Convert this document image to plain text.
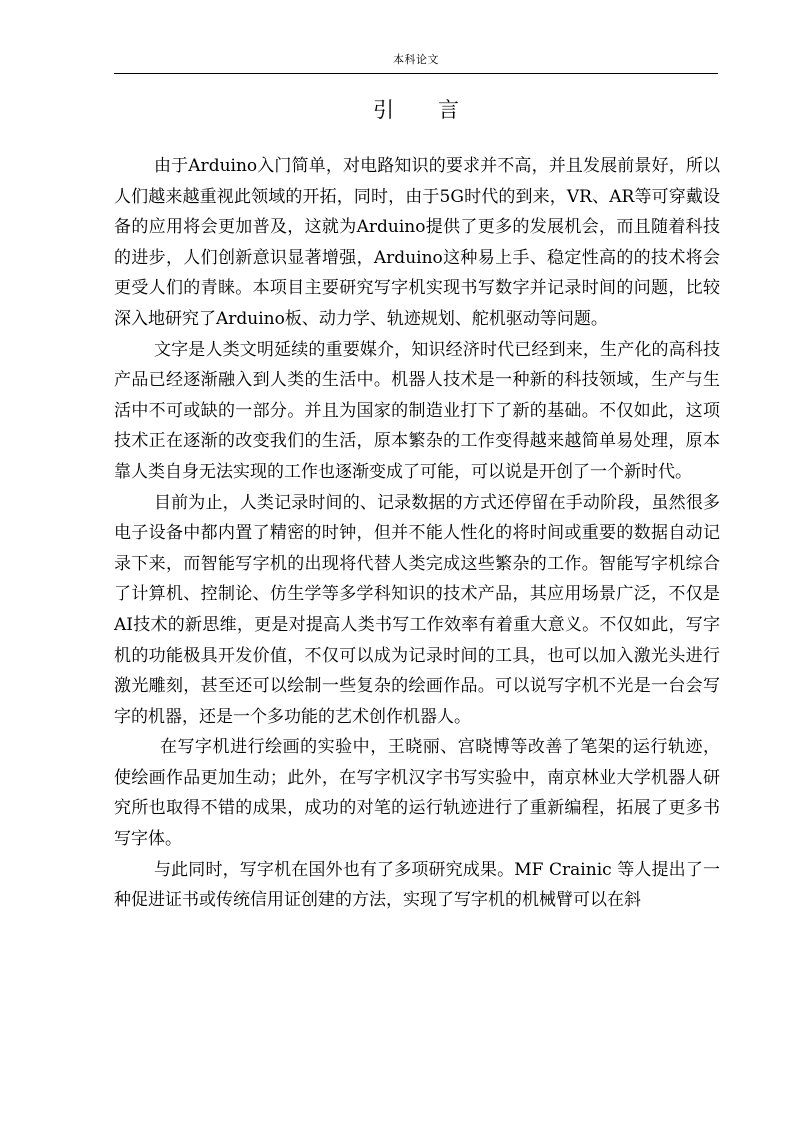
本科论文
引言

由于Arduino入门简单，对电路知识的要求并不高，并且发展前景好，所以人们越来越重视此领域的开拓，同时，由于5G时代的到来，VR、AR等可穿戴设备的应用将会更加普及，这就为Arduino提供了更多的发展机会，而且随着科技的进步，人们创新意识显著增强，Arduino这种易上手、稳定性高的的技术将会更受人们的青睐。本项目主要研究写字机实现书写数字并记录时间的问题，比较深入地研究了Arduino板、动力学、轨迹规划、舵机驱动等问题。

文字是人类文明延续的重要媒介，知识经济时代已经到来，生产化的高科技产品已经逐渐融入到人类的生活中。机器人技术是一种新的科技领域，生产与生活中不可或缺的一部分。并且为国家的制造业打下了新的基础。不仅如此，这项技术正在逐渐的改变我们的生活，原本繁杂的工作变得越来越简单易处理，原本靠人类自身无法实现的工作也逐渐变成了可能，可以说是开创了一个新时代。

目前为止，人类记录时间的、记录数据的方式还停留在手动阶段，虽然很多电子设备中都内置了精密的时钟，但并不能人性化的将时间或重要的数据自动记录下来，而智能写字机的出现将代替人类完成这些繁杂的工作。智能写字机综合了计算机、控制论、仿生学等多学科知识的技术产品，其应用场景广泛，不仅是AI技术的新思维，更是对提高人类书写工作效率有着重大意义。不仅如此，写字机的功能极具开发价值，不仅可以成为记录时间的工具，也可以加入激光头进行激光雕刻，甚至还可以绘制一些复杂的绘画作品。可以说写字机不光是一台会写字的机器，还是一个多功能的艺术创作机器人。

在写字机进行绘画的实验中，王晓丽、宫晓博等改善了笔架的运行轨迹，使绘画作品更加生动；此外，在写字机汉字书写实验中，南京林业大学机器人研究所也取得不错的成果，成功的对笔的运行轨迹进行了重新编程，拓展了更多书写字体。

与此同时，写字机在国外也有了多项研究成果。MF Crainic 等人提出了一种促进证书或传统信用证创建的方法，实现了写字机的机械臂可以在斜
